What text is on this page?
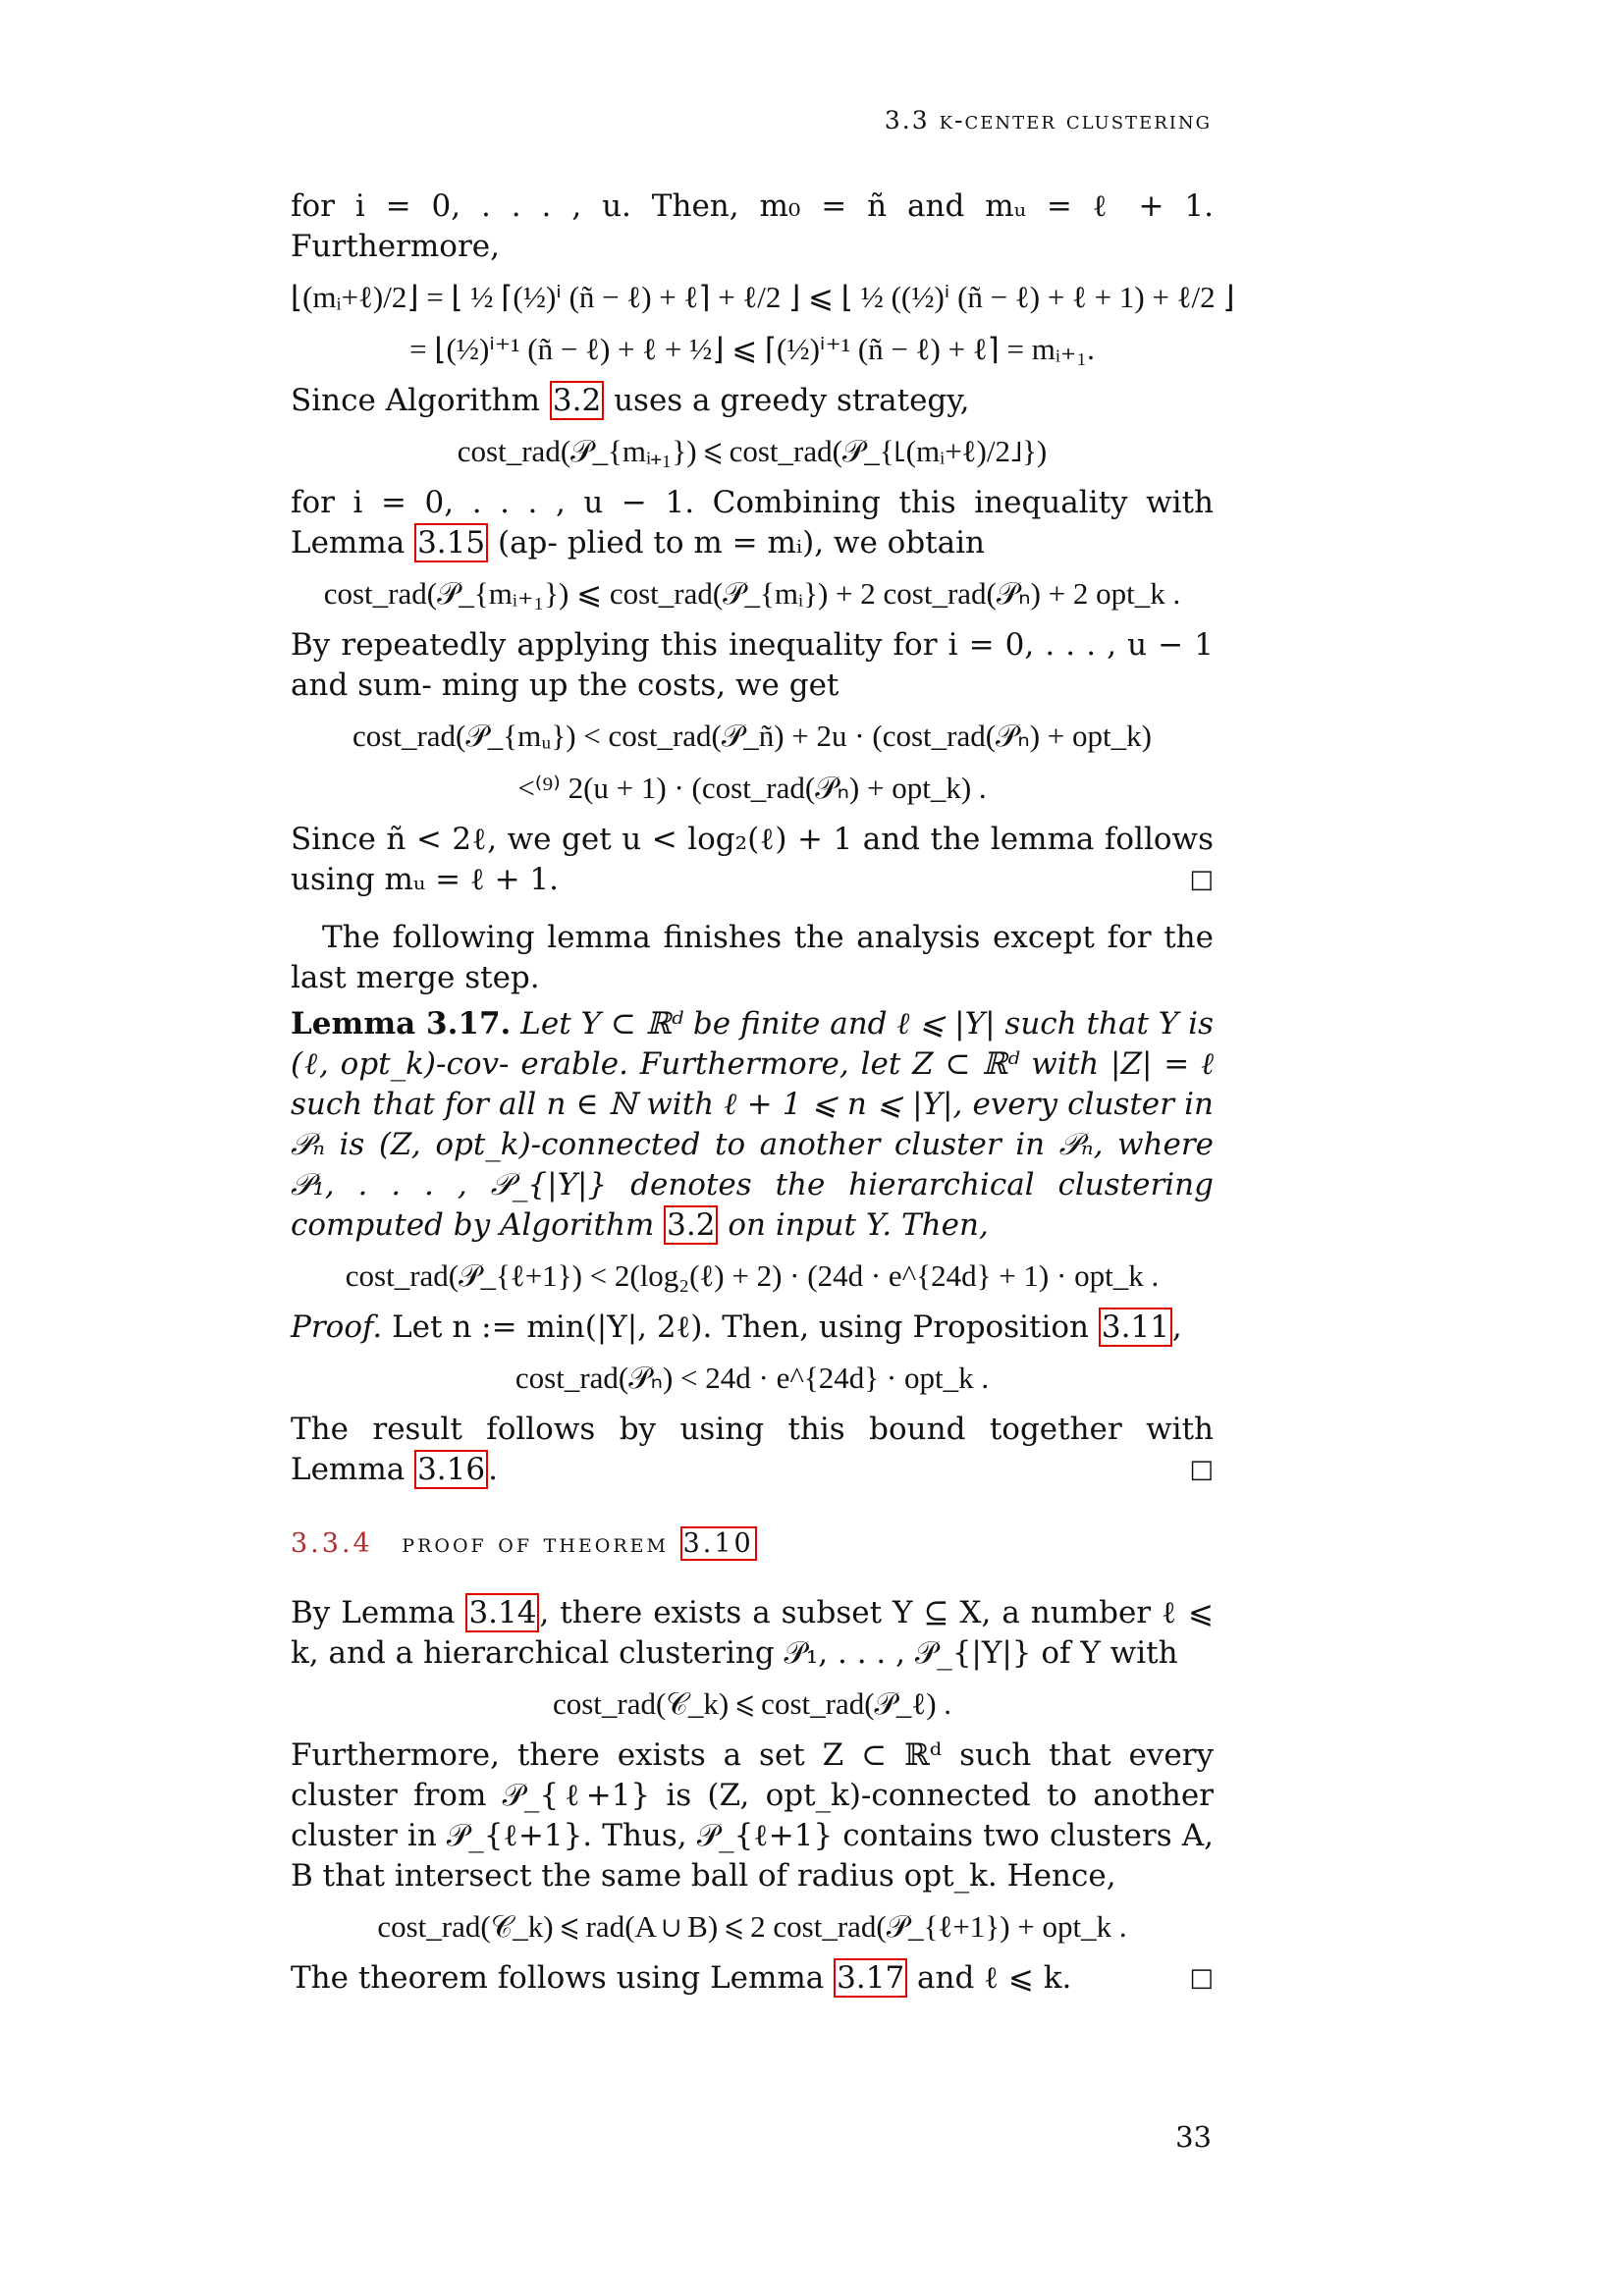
3.3 k-center clustering

for i = 0, . . . , u. Then, m₀ = ñ and mᵤ = ℓ + 1. Furthermore,

⌊(mᵢ+ℓ)/2⌋ = ⌊ ½ ⌈(½)ⁱ (ñ − ℓ) + ℓ⌉ + ℓ/2 ⌋ ⩽ ⌊ ½ ((½)ⁱ (ñ − ℓ) + ℓ + 1) + ℓ/2 ⌋
= ⌊(½)ⁱ⁺¹ (ñ − ℓ) + ℓ + ½⌋ ⩽ ⌈(½)ⁱ⁺¹ (ñ − ℓ) + ℓ⌉ = mᵢ₊₁.

Since Algorithm 3.2 uses a greedy strategy,

cost_rad(𝒫_{mᵢ₊₁}) ⩽ cost_rad(𝒫_{⌊(mᵢ+ℓ)/2⌋})

for i = 0, . . . , u − 1. Combining this inequality with Lemma 3.15 (ap- plied to m = mᵢ), we obtain

cost_rad(𝒫_{mᵢ₊₁}) ⩽ cost_rad(𝒫_{mᵢ}) + 2 cost_rad(𝒫ₙ) + 2 opt_k .

By repeatedly applying this inequality for i = 0, . . . , u − 1 and sum- ming up the costs, we get

cost_rad(𝒫_{mᵤ}) < cost_rad(𝒫_ñ) + 2u · (cost_rad(𝒫ₙ) + opt_k)
<⁽⁹⁾ 2(u + 1) · (cost_rad(𝒫ₙ) + opt_k) .

Since ñ < 2ℓ, we get u < log₂(ℓ) + 1 and the lemma follows using mᵤ = ℓ + 1.	□

The following lemma finishes the analysis except for the last merge step.

Lemma 3.17. Let Y ⊂ ℝᵈ be finite and ℓ ⩽ |Y| such that Y is (ℓ, opt_k)-cov- erable. Furthermore, let Z ⊂ ℝᵈ with |Z| = ℓ such that for all n ∈ ℕ with ℓ + 1 ⩽ n ⩽ |Y|, every cluster in 𝒫ₙ is (Z, opt_k)-connected to another cluster in 𝒫ₙ, where 𝒫₁, . . . , 𝒫_{|Y|} denotes the hierarchical clustering computed by Algorithm 3.2 on input Y. Then,

cost_rad(𝒫_{ℓ+1}) < 2(log₂(ℓ) + 2) · (24d · e^{24d} + 1) · opt_k .

Proof. Let n := min(|Y|, 2ℓ). Then, using Proposition 3.11,

cost_rad(𝒫ₙ) < 24d · e^{24d} · opt_k .

The result follows by using this bound together with Lemma 3.16.	□

3.3.4 proof of theorem 3.10

By Lemma 3.14, there exists a subset Y ⊆ X, a number ℓ ⩽ k, and a hierarchical clustering 𝒫₁, . . . , 𝒫_{|Y|} of Y with

cost_rad(𝒞_k) ⩽ cost_rad(𝒫_ℓ) .

Furthermore, there exists a set Z ⊂ ℝᵈ such that every cluster from 𝒫_{ℓ+1} is (Z, opt_k)-connected to another cluster in 𝒫_{ℓ+1}. Thus, 𝒫_{ℓ+1} contains two clusters A, B that intersect the same ball of radius opt_k. Hence,

cost_rad(𝒞_k) ⩽ rad(A ∪ B) ⩽ 2 cost_rad(𝒫_{ℓ+1}) + opt_k .

The theorem follows using Lemma 3.17 and ℓ ⩽ k.	□

33
